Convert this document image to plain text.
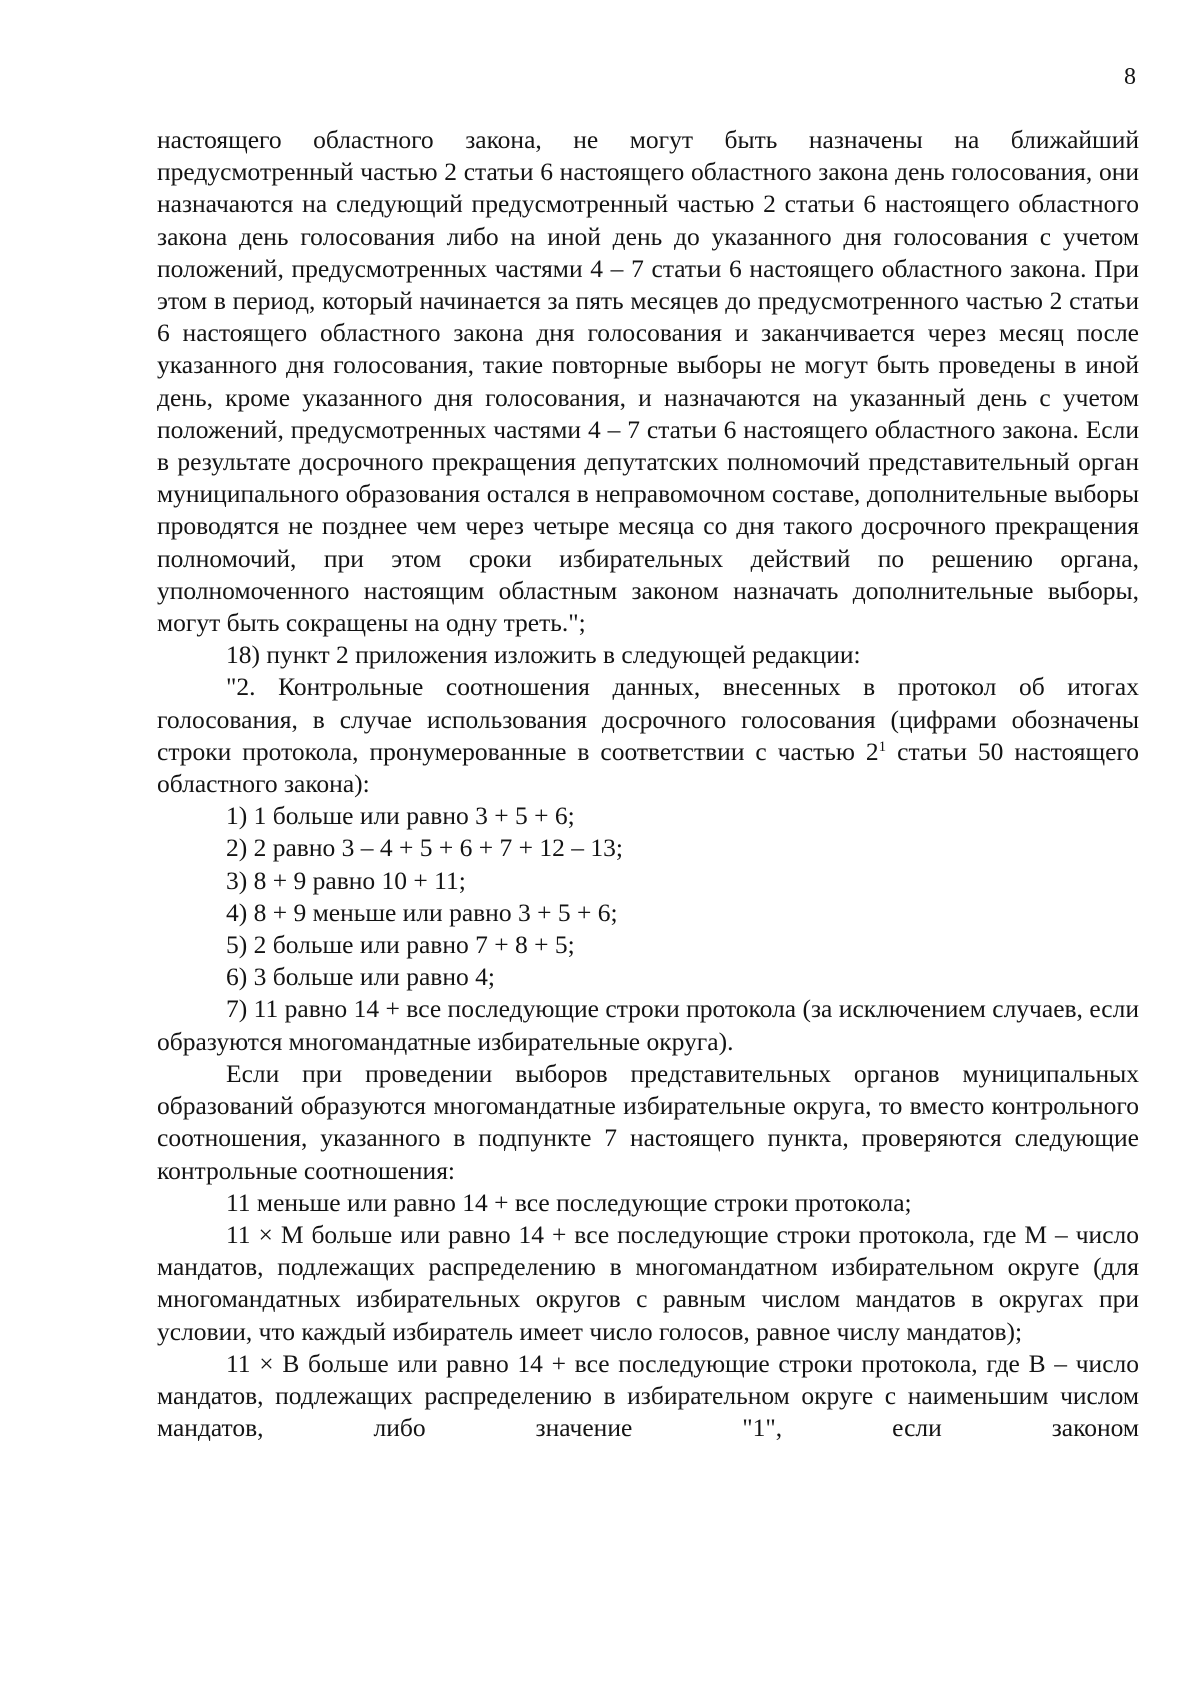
8

настоящего областного закона, не могут быть назначены на ближайший предусмотренный частью 2 статьи 6 настоящего областного закона день голосования, они назначаются на следующий предусмотренный частью 2 статьи 6 настоящего областного закона день голосования либо на иной день до указанного дня голосования с учетом положений, предусмотренных частями 4 – 7 статьи 6 настоящего областного закона. При этом в период, который начинается за пять месяцев до предусмотренного частью 2 статьи 6 настоящего областного закона дня голосования и заканчивается через месяц после указанного дня голосования, такие повторные выборы не могут быть проведены в иной день, кроме указанного дня голосования, и назначаются на указанный день с учетом положений, предусмотренных частями 4 – 7 статьи 6 настоящего областного закона. Если в результате досрочного прекращения депутатских полномочий представительный орган муниципального образования остался в неправомочном составе, дополнительные выборы проводятся не позднее чем через четыре месяца со дня такого досрочного прекращения полномочий, при этом сроки избирательных действий по решению органа, уполномоченного настоящим областным законом назначать дополнительные выборы, могут быть сокращены на одну треть.";

18) пункт 2 приложения изложить в следующей редакции:

"2. Контрольные соотношения данных, внесенных в протокол об итогах голосования, в случае использования досрочного голосования (цифрами обозначены строки протокола, пронумерованные в соответствии с частью $2^1$ статьи 50 настоящего областного закона):

1) 1 больше или равно 3 + 5 + 6;

2) 2 равно 3 – 4 + 5 + 6 + 7 + 12 – 13;

3) 8 + 9 равно 10 + 11;

4) 8 + 9 меньше или равно 3 + 5 + 6;

5) 2 больше или равно 7 + 8 + 5;

6) 3 больше или равно 4;

7) 11 равно 14 + все последующие строки протокола (за исключением случаев, если образуются многомандатные избирательные округа).

Если при проведении выборов представительных органов муниципальных образований образуются многомандатные избирательные округа, то вместо контрольного соотношения, указанного в подпункте 7 настоящего пункта, проверяются следующие контрольные соотношения:

11 меньше или равно 14 + все последующие строки протокола;

11 × М больше или равно 14 + все последующие строки протокола, где М – число мандатов, подлежащих распределению в многомандатном избирательном округе (для многомандатных избирательных округов с равным числом мандатов в округах при условии, что каждый избиратель имеет число голосов, равное числу мандатов);

11 × В больше или равно 14 + все последующие строки протокола, где В – число мандатов, подлежащих распределению в избирательном округе с наименьшим числом мандатов, либо значение "1", если законом
